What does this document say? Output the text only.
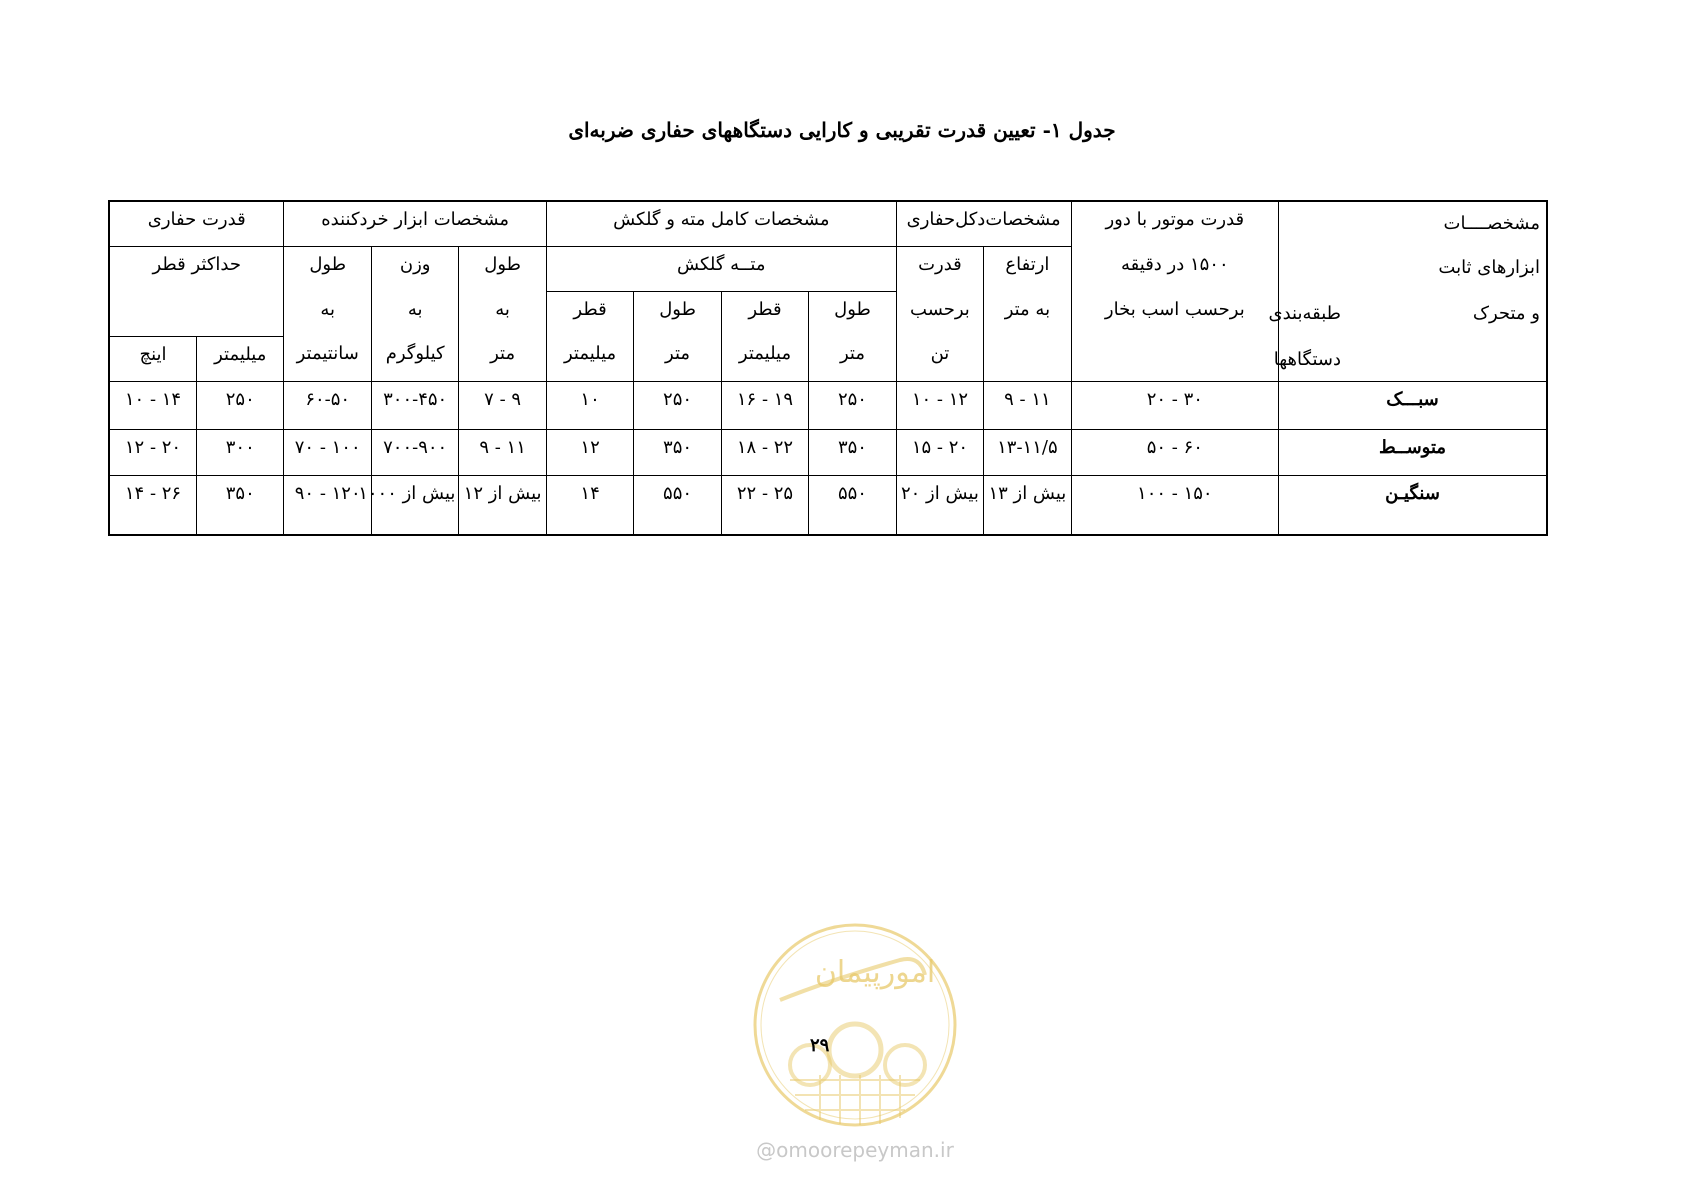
جدول ۱- تعیین قدرت تقریبی و کارایی دستگاههای حفاری ضربه‌ای
مشخصــــات
ابزارهای ثابت
و متحرک
طبقه‌بندی
دستگاهها	قدرت موتور با دور	مشخصات‌دکل‌حفاری		مشخصات کامل مته و گلکش				مشخصات ابزار خردکننده			قدرت حفاری	
	۱۵۰۰ در دقیقه	ارتفاع	قدرت	متــه گلکش				طول	وزن	طول	حداکثر قطر	
	برحسب اسب بخار	به متر	برحسب	طول	قطر	طول	قطر	به	به	به		
			تن	متر	میلیمتر	متر	میلیمتر	متر	کیلوگرم	سانتیمتر	میلیمتر	اینچ
سبـــک	۳۰ - ۲۰	۱۱ - ۹	۱۲ - ۱۰	۲۵۰	۱۹ - ۱۶	۲۵۰	۱۰	۹ - ۷	۳۰۰-۴۵۰	۶۰-۵۰	۲۵۰	۱۴ - ۱۰
متوســط	۶۰ - ۵۰	۱۳-۱۱/۵	۲۰ - ۱۵	۳۵۰	۲۲ - ۱۸	۳۵۰	۱۲	۱۱ - ۹	۷۰۰-۹۰۰	۱۰۰ - ۷۰	۳۰۰	۲۰ - ۱۲
سنگیـن	۱۵۰ - ۱۰۰	بیش از ۱۳	بیش از ۲۰	۵۵۰	۲۵ - ۲۲	۵۵۰	۱۴	بیش از ۱۲	بیش از ۱۰۰۰	۱۲۰ - ۹۰	۳۵۰	۲۶ - ۱۴
امورپیمان
۲۹
@omoorepeyman.ir
